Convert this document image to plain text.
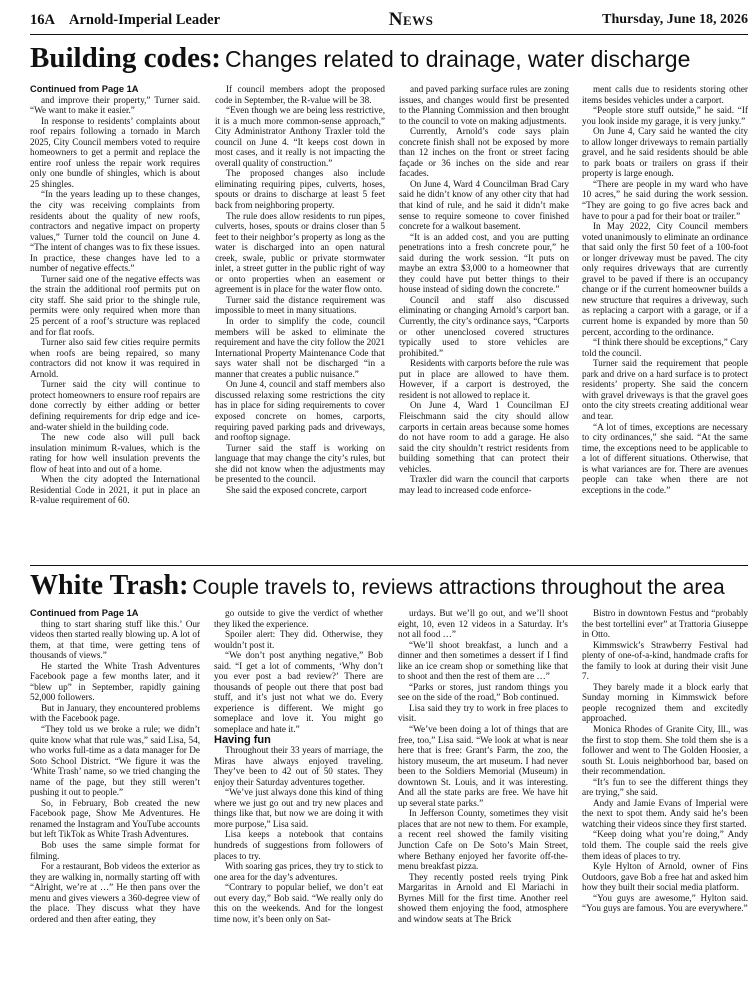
16A Arnold-Imperial Leader	News	Thursday, June 18, 2026
Building codes: Changes related to drainage, water discharge

Continued from Page 1A

and improve their property,” Turner said. “We want to make it easier.”

In response to residents’ complaints about roof repairs following a tornado in March 2025, City Council members voted to require homeowners to get a permit and replace the entire roof unless the repair work requires only one bundle of shingles, which is about 25 shingles.

“In the years leading up to these changes, the city was receiving complaints from residents about the quality of new roofs, contractors and negative impact on property values,” Turner told the council on June 4. “The intent of changes was to fix these issues. In practice, these changes have led to a number of negative effects.”

Turner said one of the negative effects was the strain the additional roof permits put on city staff. She said prior to the shingle rule, permits were only required when more than 25 percent of a roof’s structure was replaced and for flat roofs.

Turner also said few cities require permits when roofs are being repaired, so many contractors did not know it was required in Arnold.

Turner said the city will continue to protect homeowners to ensure roof repairs are done correctly by either adding or better defining requirements for drip edge and ice-and-water shield in the building code.

The new code also will pull back insulation minimum R-values, which is the rating for how well insulation prevents the flow of heat into and out of a home.

When the city adopted the International Residential Code in 2021, it put in place an R-value requirement of 60.

If council members adopt the proposed code in September, the R-value will be 38.

“Even though we are being less restrictive, it is a much more common-sense approach,” City Administrator Anthony Traxler told the council on June 4. “It keeps cost down in most cases, and it really is not impacting the overall quality of construction.”

The proposed changes also include eliminating requiring pipes, culverts, hoses, spouts or drains to discharge at least 5 feet back from neighboring property.

The rule does allow residents to run pipes, culverts, hoses, spouts or drains closer than 5 feet to their neighbor’s property as long as the water is discharged into an open natural creek, swale, public or private stormwater inlet, a street gutter in the public right of way or onto properties when an easement or agreement is in place for the water flow onto.

Turner said the distance requirement was impossible to meet in many situations.

In order to simplify the code, council members will be asked to eliminate the requirement and have the city follow the 2021 International Property Maintenance Code that says water shall not be discharged “in a manner that creates a public nuisance.”

On June 4, council and staff members also discussed relaxing some restrictions the city has in place for siding requirements to cover exposed concrete on homes, carports, requiring paved parking pads and driveways, and rooftop signage.

Turner said the staff is working on language that may change the city’s rules, but she did not know when the adjustments may be presented to the council.

She said the exposed concrete, carport

and paved parking surface rules are zoning issues, and changes would first be presented to the Planning Commission and then brought to the council to vote on making adjustments.

Currently, Arnold’s code says plain concrete finish shall not be exposed by more than 12 inches on the front or street facing façade or 36 inches on the side and rear facades.

On June 4, Ward 4 Councilman Brad Cary said he didn’t know of any other city that had that kind of rule, and he said it didn’t make sense to require someone to cover finished concrete for a walkout basement.

“It is an added cost, and you are putting penetrations into a fresh concrete pour,” he said during the work session. “It puts on maybe an extra $3,000 to a homeowner that they could have put better things to their house instead of siding down the concrete.”

Council and staff also discussed eliminating or changing Arnold’s carport ban. Currently, the city’s ordinance says, “Carports or other unenclosed covered structures typically used to store vehicles are prohibited.”

Residents with carports before the rule was put in place are allowed to have them. However, if a carport is destroyed, the resident is not allowed to replace it.

On June 4, Ward 1 Councilman EJ Fleischmann said the city should allow carports in certain areas because some homes do not have room to add a garage. He also said the city shouldn’t restrict residents from building something that can protect their vehicles.

Traxler did warn the council that carports may lead to increased code enforce-

ment calls due to residents storing other items besides vehicles under a carport.

“People store stuff outside,” he said. “If you look inside my garage, it is very junky.”

On June 4, Cary said he wanted the city to allow longer driveways to remain partially gravel, and he said residents should be able to park boats or trailers on grass if their property is large enough.

“There are people in my ward who have 10 acres,” he said during the work session. “They are going to go five acres back and have to pour a pad for their boat or trailer.”

In May 2022, City Council members voted unanimously to eliminate an ordinance that said only the first 50 feet of a 100-foot or longer driveway must be paved. The city only requires driveways that are currently gravel to be paved if there is an occupancy change or if the current homeowner builds a new structure that requires a driveway, such as replacing a carport with a garage, or if a current home is expanded by more than 50 percent, according to the ordinance.

“I think there should be exceptions,” Cary told the council.

Turner said the requirement that people park and drive on a hard surface is to protect residents’ property. She said the concern with gravel driveways is that the gravel goes onto the city streets creating additional wear and tear.

“A lot of times, exceptions are necessary to city ordinances,” she said. “At the same time, the exceptions need to be applicable to a lot of different situations. Otherwise, that is what variances are for. There are avenues people can take when there are not exceptions in the code.”

White Trash: Couple travels to, reviews attractions throughout the area

Continued from Page 1A

thing to start sharing stuff like this.’ Our videos then started really blowing up. A lot of them, at that time, were getting tens of thousands of views.”

He started the White Trash Adventures Facebook page a few months later, and it “blew up” in September, rapidly gaining 52,000 followers.

But in January, they encountered problems with the Facebook page.

“They told us we broke a rule; we didn’t quite know what that rule was,” said Lisa, 54, who works full-time as a data manager for De Soto School District. “We figure it was the ‘White Trash’ name, so we tried changing the name of the page, but they still weren’t pushing it out to people.”

So, in February, Bob created the new Facebook page, Show Me Adventures. He renamed the Instagram and YouTube accounts but left TikTok as White Trash Adventures.

Bob uses the same simple format for filming.

For a restaurant, Bob videos the exterior as they are walking in, normally starting off with “Alright, we’re at …” He then pans over the menu and gives viewers a 360-degree view of the place. They discuss what they have ordered and then after eating, they

go outside to give the verdict of whether they liked the experience.

Spoiler alert: They did. Otherwise, they wouldn’t post it.

“We don’t post anything negative,” Bob said. “I get a lot of comments, ‘Why don’t you ever post a bad review?’ There are thousands of people out there that post bad stuff, and it’s just not what we do. Every experience is different. We might go someplace and love it. You might go someplace and hate it.”

Having fun

Throughout their 33 years of marriage, the Miras have always enjoyed traveling. They’ve been to 42 out of 50 states. They enjoy their Saturday adventures together.

“We’ve just always done this kind of thing where we just go out and try new places and things like that, but now we are doing it with more purpose,” Lisa said.

Lisa keeps a notebook that contains hundreds of suggestions from followers of places to try.

With soaring gas prices, they try to stick to one area for the day’s adventures.

“Contrary to popular belief, we don’t eat out every day,” Bob said. “We really only do this on the weekends. And for the longest time now, it’s been only on Sat-

urdays. But we’ll go out, and we’ll shoot eight, 10, even 12 videos in a Saturday. It’s not all food …”

“We’ll shoot breakfast, a lunch and a dinner and then sometimes a dessert if I find like an ice cream shop or something like that to shoot and then the rest of them are …”

“Parks or stores, just random things you see on the side of the road,” Bob continued.

Lisa said they try to work in free places to visit.

“We’ve been doing a lot of things that are free, too,” Lisa said. “We look at what is near here that is free: Grant’s Farm, the zoo, the history museum, the art museum. I had never been to the Soldiers Memorial (Museum) in downtown St. Louis, and it was interesting. And all the state parks are free. We have hit up several state parks.”

In Jefferson County, sometimes they visit places that are not new to them. For example, a recent reel showed the family visiting Junction Cafe on De Soto’s Main Street, where Bethany enjoyed her favorite off-the-menu breakfast pizza.

They recently posted reels trying Pink Margaritas in Arnold and El Mariachi in Byrnes Mill for the first time. Another reel showed them enjoying the food, atmosphere and window seats at The Brick

Bistro in downtown Festus and “probably the best tortellini ever” at Trattoria Giuseppe in Otto.

Kimmswick’s Strawberry Festival had plenty of one-of-a-kind, handmade crafts for the family to look at during their visit June 7.

They barely made it a block early that Sunday morning in Kimmswick before people recognized them and excitedly approached.

Monica Rhodes of Granite City, Ill., was the first to stop them. She told them she is a follower and went to The Golden Hoosier, a south St. Louis neighborhood bar, based on their recommendation.

“It’s fun to see the different things they are trying,” she said.

Andy and Jamie Evans of Imperial were the next to spot them. Andy said he’s been watching their videos since they first started.

“Keep doing what you’re doing,” Andy told them. The couple said the reels give them ideas of places to try.

Kyle Hylton of Arnold, owner of Fins Outdoors, gave Bob a free hat and asked him how they built their social media platform.

“You guys are awesome,” Hylton said. “You guys are famous. You are everywhere.”
